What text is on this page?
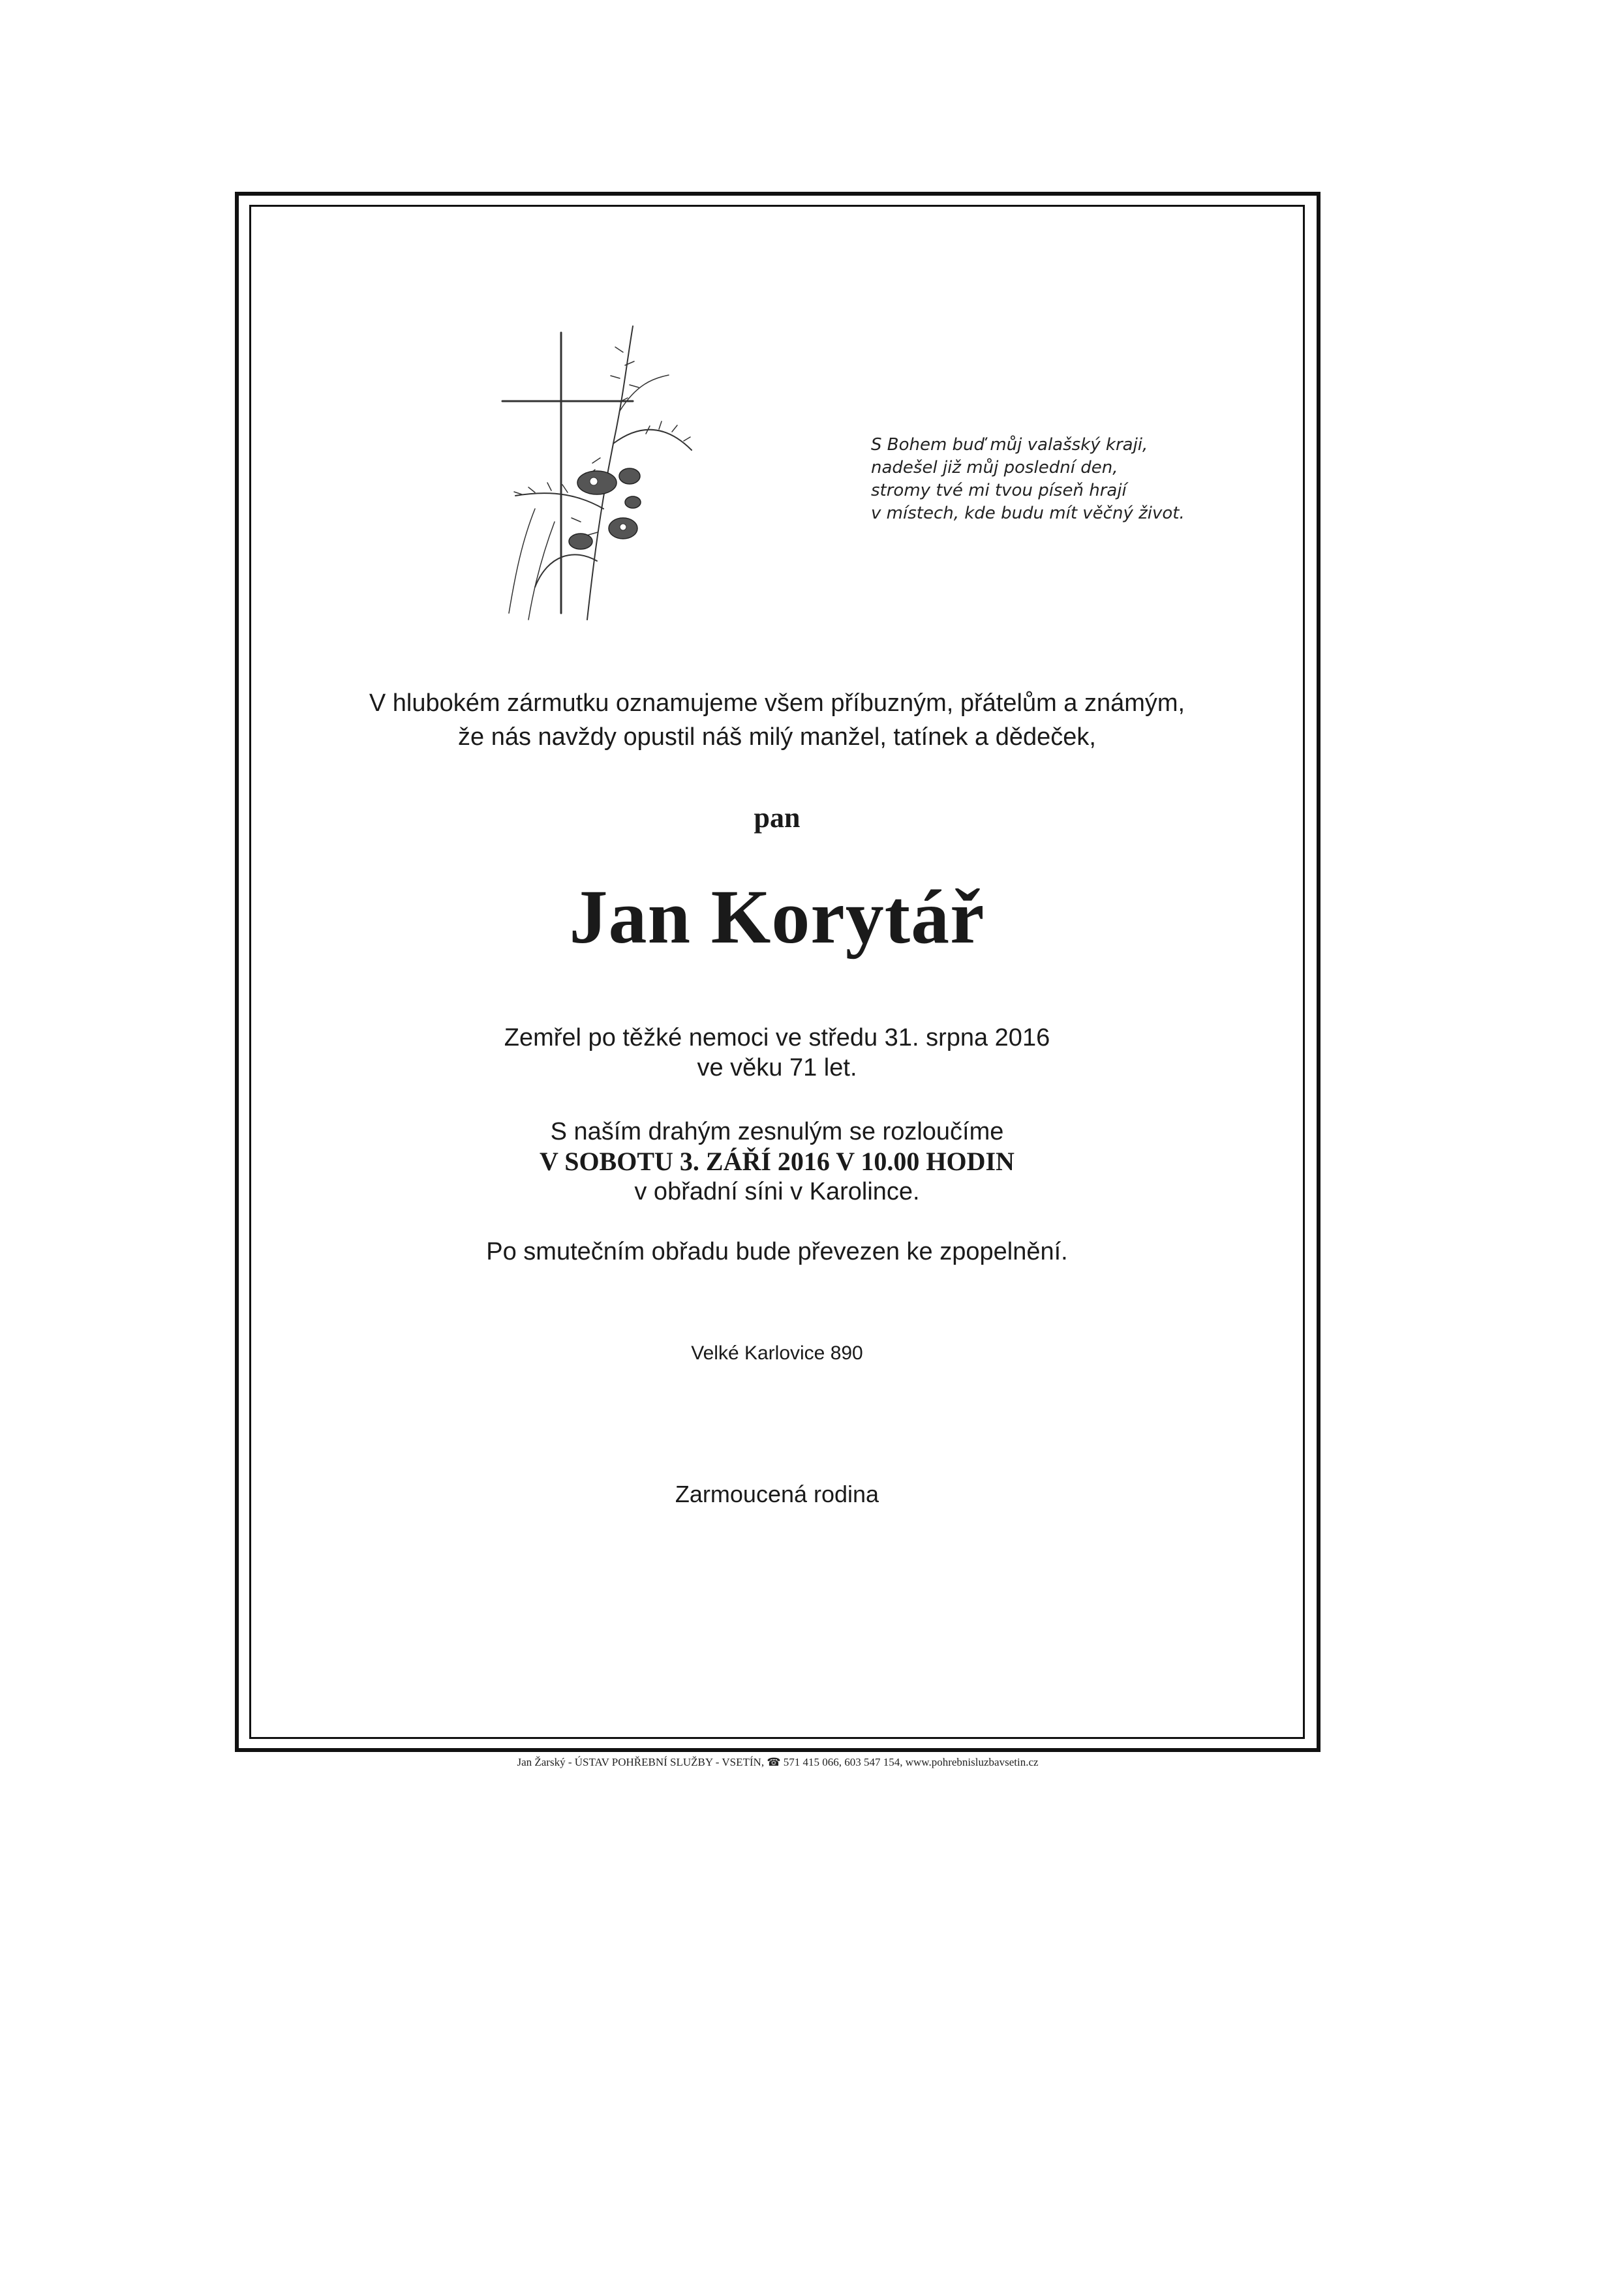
S Bohem buď můj valašský kraji,
nadešel již můj poslední den,
stromy tvé mi tvou píseň hrají
v místech, kde budu mít věčný život.
V hlubokém zármutku oznamujeme všem příbuzným, přátelům a známým,
že nás navždy opustil náš milý manžel, tatínek a dědeček,
pan
Jan Korytář
Zemřel po těžké nemoci ve středu 31. srpna 2016
ve věku 71 let.
S naším drahým zesnulým se rozloučíme
V SOBOTU 3. ZÁŘÍ 2016 V 10.00 HODIN
v obřadní síni v Karolince.
Po smutečním obřadu bude převezen ke zpopelnění.
Velké Karlovice 890
Zarmoucená rodina
Jan Žarský - ÚSTAV POHŘEBNÍ SLUŽBY - VSETÍN, ☎ 571 415 066, 603 547 154, www.pohrebnisluzbavsetin.cz
